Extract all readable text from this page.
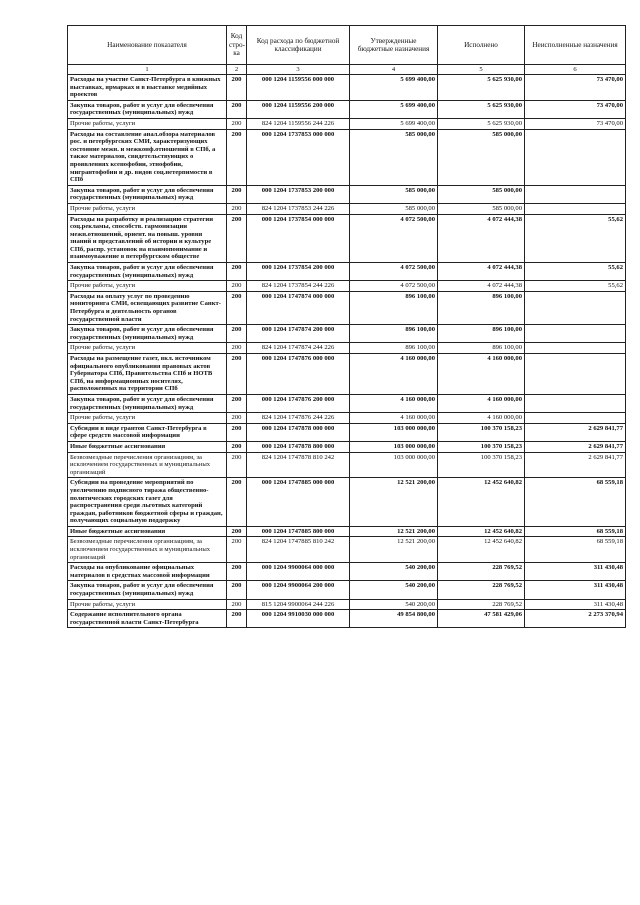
Наименование показателя	Код стро-ка	Код расхода по бюджетной классификации	Утвержденные бюджетные назначения	Исполнено	Неисполненные назначения
1	2	3	4	5	6
Расходы на участие Санкт-Петербурга в книжных выставках, ярмарках и в выставке медийных проектов	200	000 1204 1159556 000 000	5 699 400,00	5 625 930,00	73 470,00
Закупка товаров, работ и услуг для обеспечения государственных (муниципальных) нужд	200	000 1204 1159556 200 000	5 699 400,00	5 625 930,00	73 470,00
Прочие работы, услуги	200	824 1204 1159556 244 226	5 699 400,00	5 625 930,00	73 470,00
Расходы на составление анал.обзора материалов рос. и петербургских СМИ, характеризующих состояние межн. и межконф.отношений в СПб, а также материалов, свидетельствующих о проявлениях ксенофобии, этнофобии, мигрантофобии и др. видов соц.нетерпимости в СПб	200	000 1204 1737853 000 000	585 000,00	585 000,00	
Закупка товаров, работ и услуг для обеспечения государственных (муниципальных) нужд	200	000 1204 1737853 200 000	585 000,00	585 000,00	
Прочие работы, услуги	200	824 1204 1737853 244 226	585 000,00	585 000,00	
Расходы на разработку и реализацию стратегии соц.рекламы, способств. гармонизации межн.отношений, ориент. на повыш. уровня знаний и представлений об истории и культуре СПб, распр. установок на взаимопонимание и взаимоуважение в петербургском обществе	200	000 1204 1737854 000 000	4 072 500,00	4 072 444,38	55,62
Закупка товаров, работ и услуг для обеспечения государственных (муниципальных) нужд	200	000 1204 1737854 200 000	4 072 500,00	4 072 444,38	55,62
Прочие работы, услуги	200	824 1204 1737854 244 226	4 072 500,00	4 072 444,38	55,62
Расходы на оплату услуг по проведению мониторинга СМИ, освещающих развитие Санкт-Петербурга и деятельность органов государственной власти	200	000 1204 1747874 000 000	896 100,00	896 100,00	
Закупка товаров, работ и услуг для обеспечения государственных (муниципальных) нужд	200	000 1204 1747874 200 000	896 100,00	896 100,00	
Прочие работы, услуги	200	824 1204 1747874 244 226	896 100,00	896 100,00	
Расходы на размещение газет, вкл. источником официального опубликования правовых актов Губернатора СПб, Правительства СПб и НОТВ СПб, на информационных носителях, расположенных на территории СПб	200	000 1204 1747876 000 000	4 160 000,00	4 160 000,00	
Закупка товаров, работ и услуг для обеспечения государственных (муниципальных) нужд	200	000 1204 1747876 200 000	4 160 000,00	4 160 000,00	
Прочие работы, услуги	200	824 1204 1747876 244 226	4 160 000,00	4 160 000,00	
Субсидии в виде грантов Санкт-Петербурга в сфере средств массовой информации	200	000 1204 1747878 000 000	103 000 000,00	100 370 158,23	2 629 841,77
Иные бюджетные ассигнования	200	000 1204 1747878 800 000	103 000 000,00	100 370 158,23	2 629 841,77
Безвозмездные перечисления организациям, за исключением государственных и муниципальных организаций	200	824 1204 1747878 810 242	103 000 000,00	100 370 158,23	2 629 841,77
Субсидии на проведение мероприятий по увеличению подписного тиража общественно-политических городских газет для распространения среди льготных категорий граждан, работников бюджетной сферы и граждан, получающих социальную поддержку	200	000 1204 1747885 000 000	12 521 200,00	12 452 640,82	68 559,18
Иные бюджетные ассигнования	200	000 1204 1747885 800 000	12 521 200,00	12 452 640,82	68 559,18
Безвозмездные перечисления организациям, за исключением государственных и муниципальных организаций	200	824 1204 1747885 810 242	12 521 200,00	12 452 640,82	68 559,18
Расходы на опубликование официальных материалов в средствах массовой информации	200	000 1204 9900064 000 000	540 200,00	228 769,52	311 430,48
Закупка товаров, работ и услуг для обеспечения государственных (муниципальных) нужд	200	000 1204 9900064 200 000	540 200,00	228 769,52	311 430,48
Прочие работы, услуги	200	815 1204 9900064 244 226	540 200,00	228 769,52	311 430,48
Содержание исполнительного органа государственной власти Санкт-Петербурга	200	000 1204 9910030 000 000	49 854 800,00	47 581 429,06	2 273 370,94
